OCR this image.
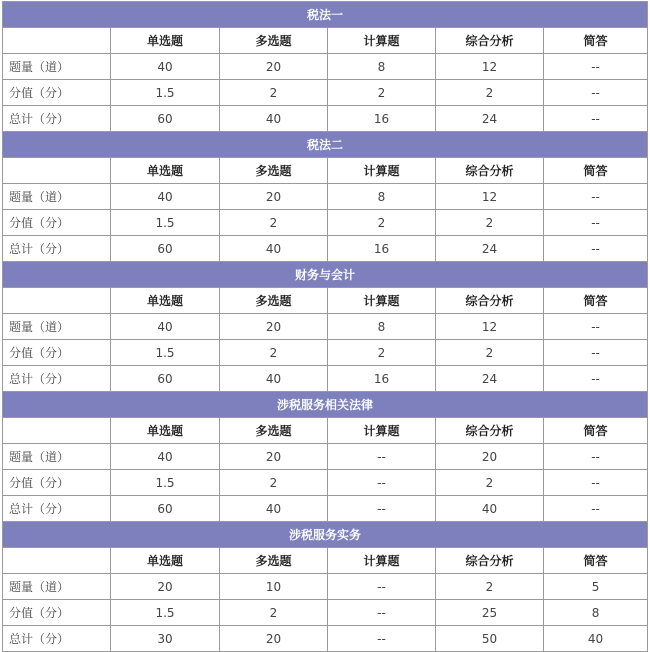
税法一					
	单选题	多选题	计算题	综合分析	简答
题量（道）	40	20	8	12	--
分值（分）	1.5	2	2	2	--
总计（分）	60	40	16	24	--
税法二					
	单选题	多选题	计算题	综合分析	简答
题量（道）	40	20	8	12	--
分值（分）	1.5	2	2	2	--
总计（分）	60	40	16	24	--
财务与会计					
	单选题	多选题	计算题	综合分析	简答
题量（道）	40	20	8	12	--
分值（分）	1.5	2	2	2	--
总计（分）	60	40	16	24	--
涉税服务相关法律					
	单选题	多选题	计算题	综合分析	简答
题量（道）	40	20	--	20	--
分值（分）	1.5	2	--	2	--
总计（分）	60	40	--	40	--
涉税服务实务					
	单选题	多选题	计算题	综合分析	简答
题量（道）	20	10	--	2	5
分值（分）	1.5	2	--	25	8
总计（分）	30	20	--	50	40
